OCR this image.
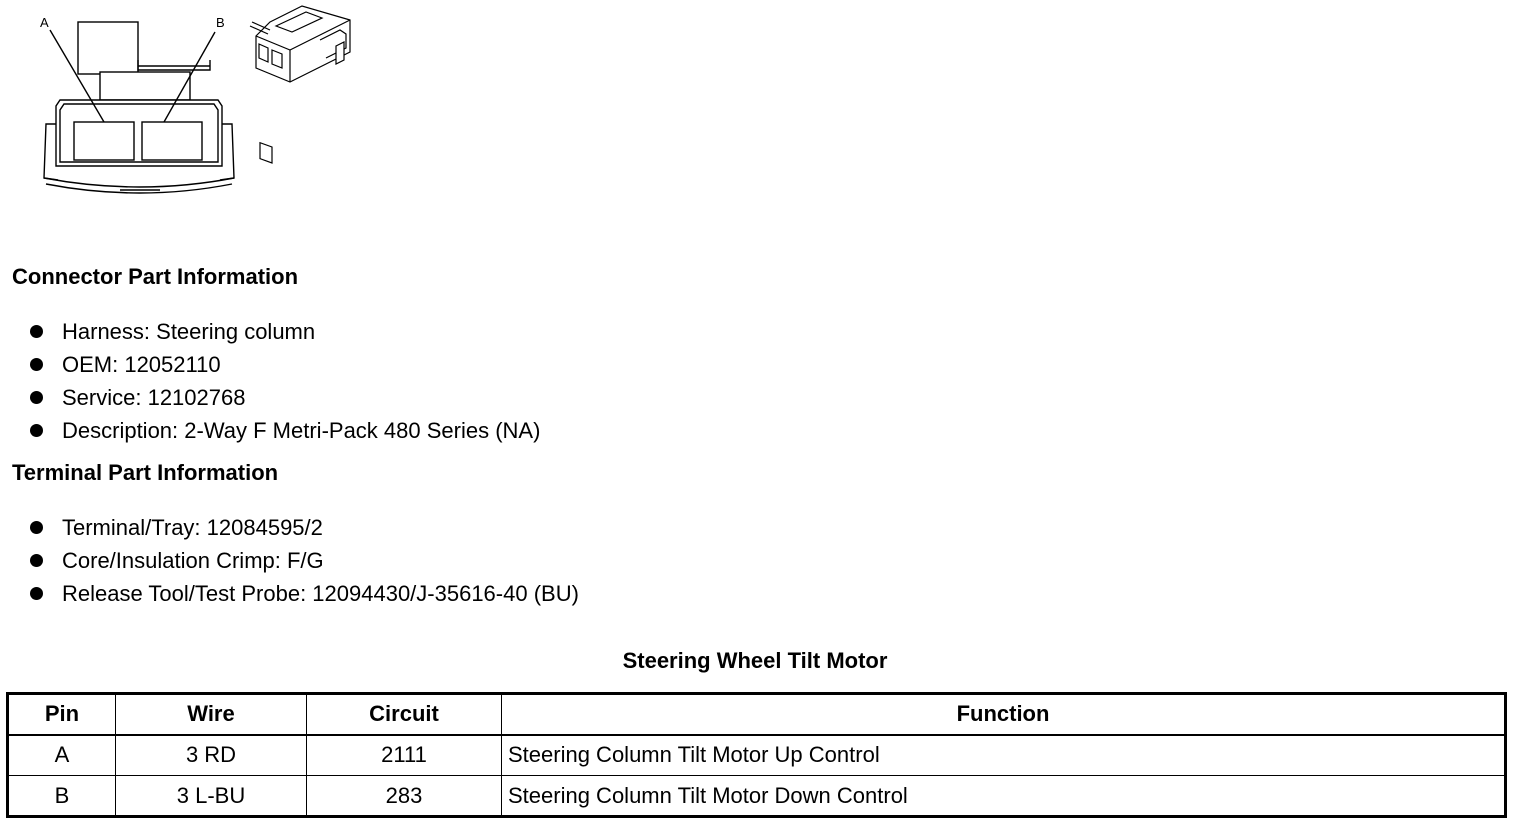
A	B
Connector Part Information
Harness: Steering column
OEM: 12052110
Service: 12102768
Description: 2-Way F Metri-Pack 480 Series (NA)
Terminal Part Information
Terminal/Tray: 12084595/2
Core/Insulation Crimp: F/G
Release Tool/Test Probe: 12094430/J-35616-40 (BU)
Steering Wheel Tilt Motor
Pin	Wire	Circuit	Function
A	3 RD	2111	Steering Column Tilt Motor Up Control
B	3 L-BU	283	Steering Column Tilt Motor Down Control
